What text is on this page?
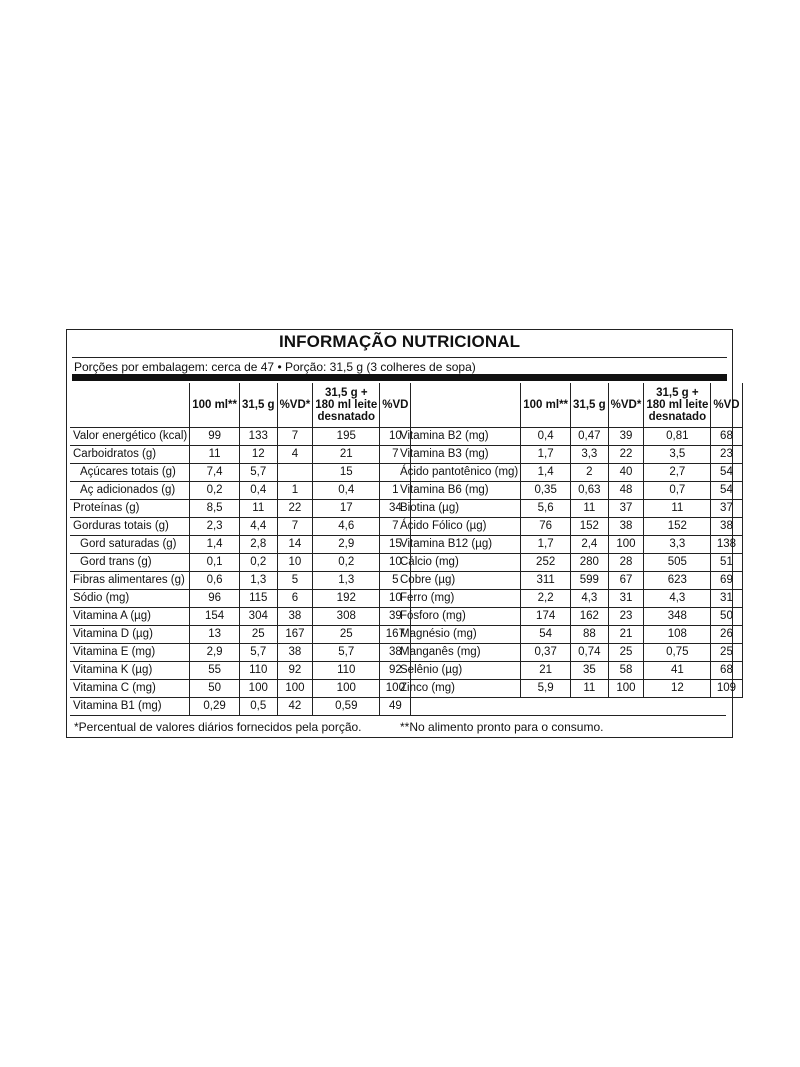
INFORMAÇÃO NUTRICIONAL
Porções por embalagem: cerca de 47 • Porção: 31,5 g (3 colheres de sopa)
	100 ml**	31,5 g	%VD*	31,5 g +
180 ml leite
desnatado	%VD
Valor energético (kcal)	99	133	7	195	10
Carboidratos (g)	11	12	4	21	7
Açúcares totais (g)	7,4	5,7		15	
Aç adicionados (g)	0,2	0,4	1	0,4	1
Proteínas (g)	8,5	11	22	17	34
Gorduras totais (g)	2,3	4,4	7	4,6	7
Gord saturadas (g)	1,4	2,8	14	2,9	15
Gord trans (g)	0,1	0,2	10	0,2	10
Fibras alimentares (g)	0,6	1,3	5	1,3	5
Sódio (mg)	96	115	6	192	10
Vitamina A (µg)	154	304	38	308	39
Vitamina D (µg)	13	25	167	25	167
Vitamina E (mg)	2,9	5,7	38	5,7	38
Vitamina K (µg)	55	110	92	110	92
Vitamina C (mg)	50	100	100	100	100
Vitamina B1 (mg)	0,29	0,5	42	0,59	49
	100 ml**	31,5 g	%VD*	31,5 g +
180 ml leite
desnatado	%VD
Vitamina B2 (mg)	0,4	0,47	39	0,81	68
Vitamina B3 (mg)	1,7	3,3	22	3,5	23
Ácido pantotênico (mg)	1,4	2	40	2,7	54
Vitamina B6 (mg)	0,35	0,63	48	0,7	54
Biotina (µg)	5,6	11	37	11	37
Ácido Fólico (µg)	76	152	38	152	38
Vitamina B12 (µg)	1,7	2,4	100	3,3	138
Cálcio (mg)	252	280	28	505	51
Cobre (µg)	311	599	67	623	69
Ferro (mg)	2,2	4,3	31	4,3	31
Fósforo (mg)	174	162	23	348	50
Magnésio (mg)	54	88	21	108	26
Manganês (mg)	0,37	0,74	25	0,75	25
Selênio (µg)	21	35	58	41	68
Zinco (mg)	5,9	11	100	12	109
*Percentual de valores diários fornecidos pela porção.	**No alimento pronto para o consumo.
